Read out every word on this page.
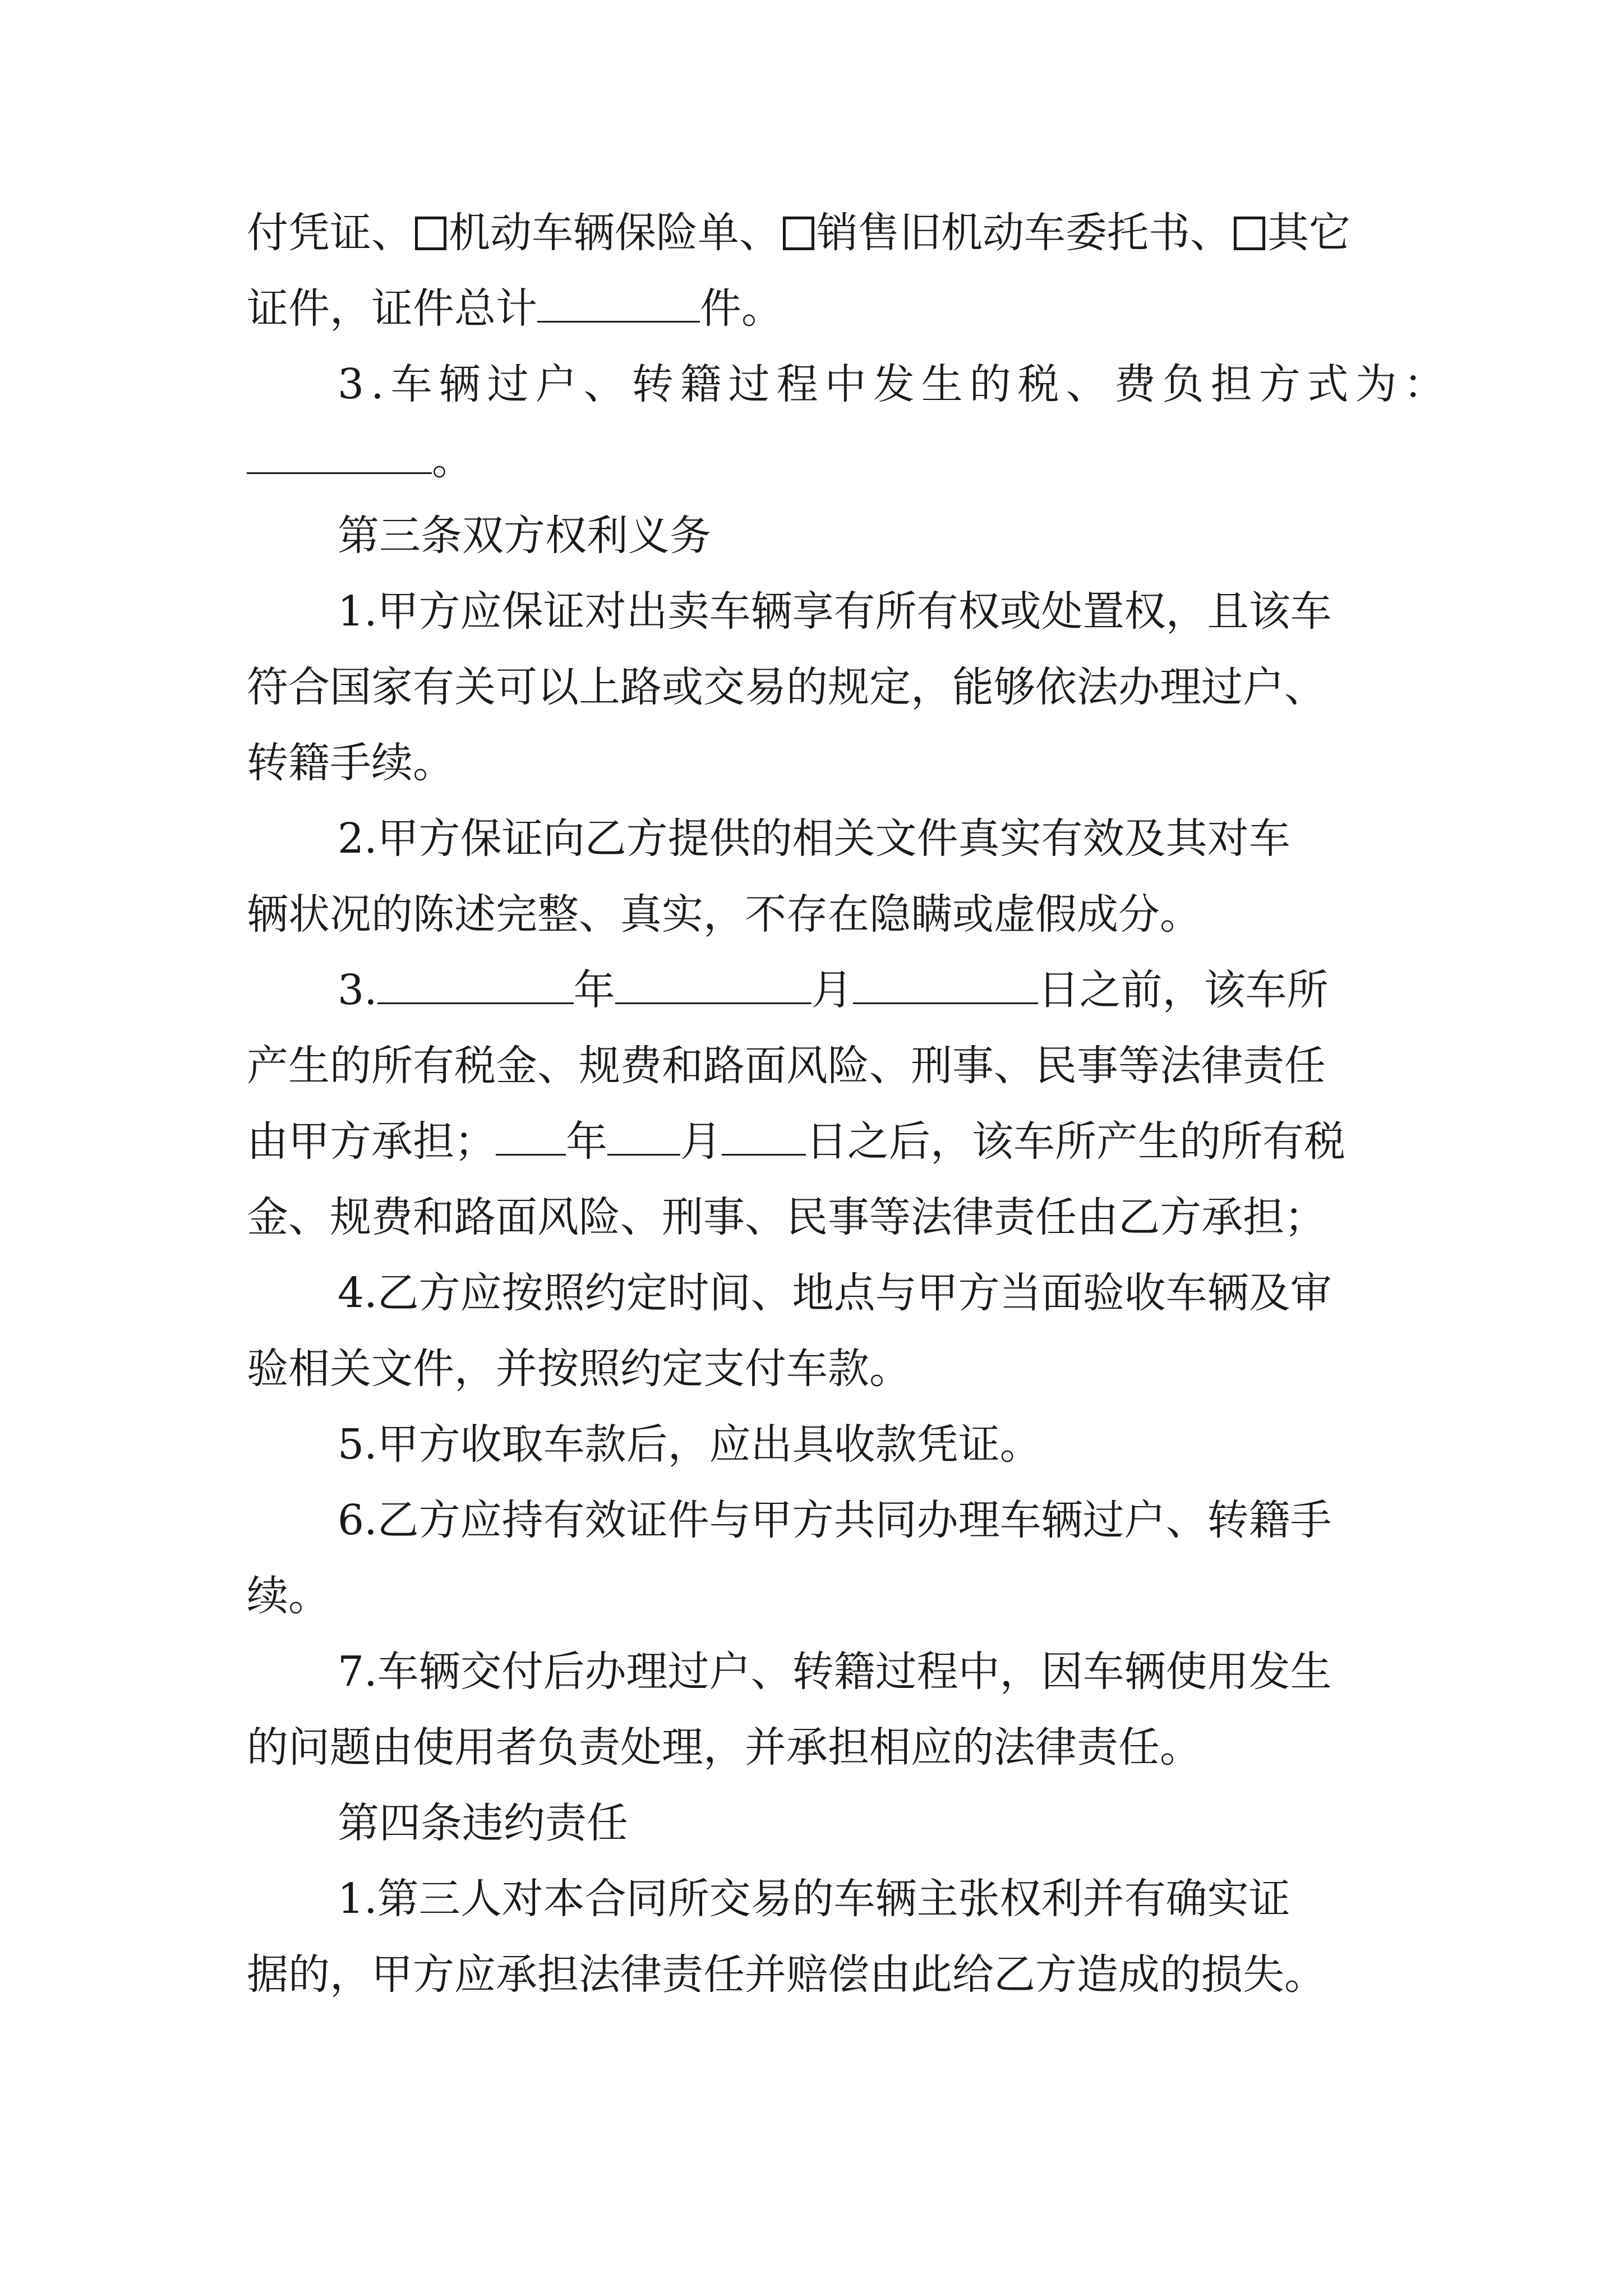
付凭证、 机动车辆保险单、 销售旧机动车委托书、 其它
证件，证件总计	件。
3.车辆过户、转籍过程中发生的税、费负担方式为：
。
第三条双方权利义务
1.甲方应保证对出卖车辆享有所有权或处置权，且该车
符合国家有关可以上路或交易的规定，能够依法办理过户、
转籍手续。
2.甲方保证向乙方提供的相关文件真实有效及其对车
辆状况的陈述完整、真实，不存在隐瞒或虚假成分。
3.	年	月	日之前，该车所
产生的所有税金、规费和路面风险、刑事、民事等法律责任
由甲方承担； 年 月 日之后，该车所产生的所有税
金、规费和路面风险、刑事、民事等法律责任由乙方承担；
4.乙方应按照约定时间、地点与甲方当面验收车辆及审
验相关文件，并按照约定支付车款。
5.甲方收取车款后，应出具收款凭证。
6.乙方应持有效证件与甲方共同办理车辆过户、转籍手
续。
7.车辆交付后办理过户、转籍过程中，因车辆使用发生
的问题由使用者负责处理，并承担相应的法律责任。
第四条违约责任
1.第三人对本合同所交易的车辆主张权利并有确实证
据的，甲方应承担法律责任并赔偿由此给乙方造成的损失。
